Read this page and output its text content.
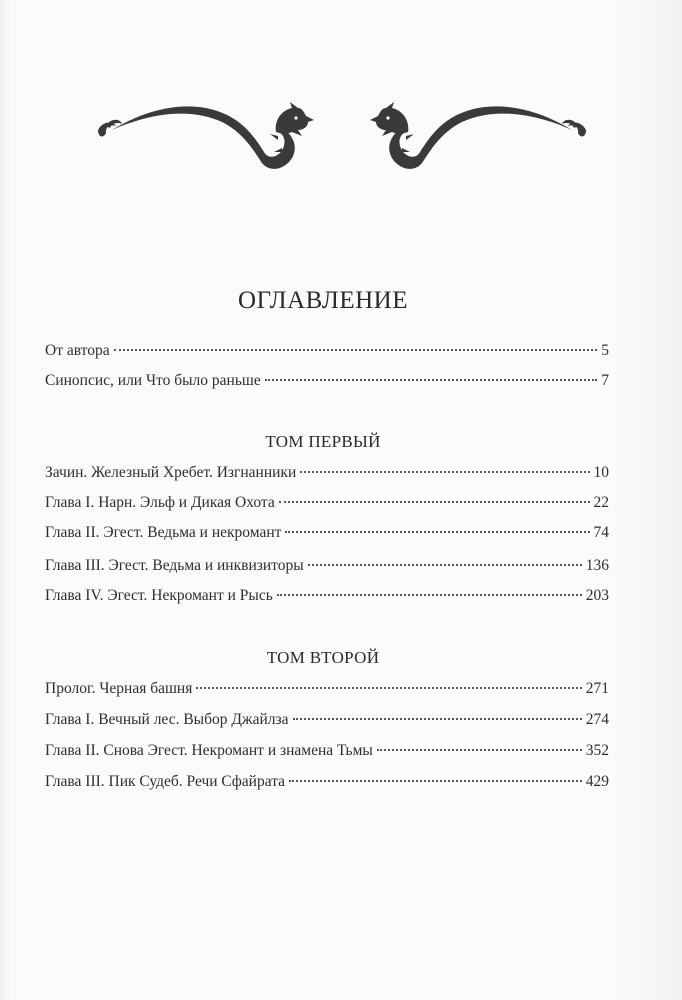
ОГЛАВЛЕНИЕ
От автора	5
Синопсис, или Что было раньше	7
ТОМ ПЕРВЫЙ
Зачин. Железный Хребет. Изгнанники	10
Глава I. Нарн. Эльф и Дикая Охота	22
Глава II. Эгест. Ведьма и некромант	74
Глава III. Эгест. Ведьма и инквизиторы	136
Глава IV. Эгест. Некромант и Рысь	203
ТОМ ВТОРОЙ
Пролог. Черная башня	271
Глава I. Вечный лес. Выбор Джайлза	274
Глава II. Снова Эгест. Некромант и знамена Тьмы	352
Глава III. Пик Судеб. Речи Сфайрата	429
